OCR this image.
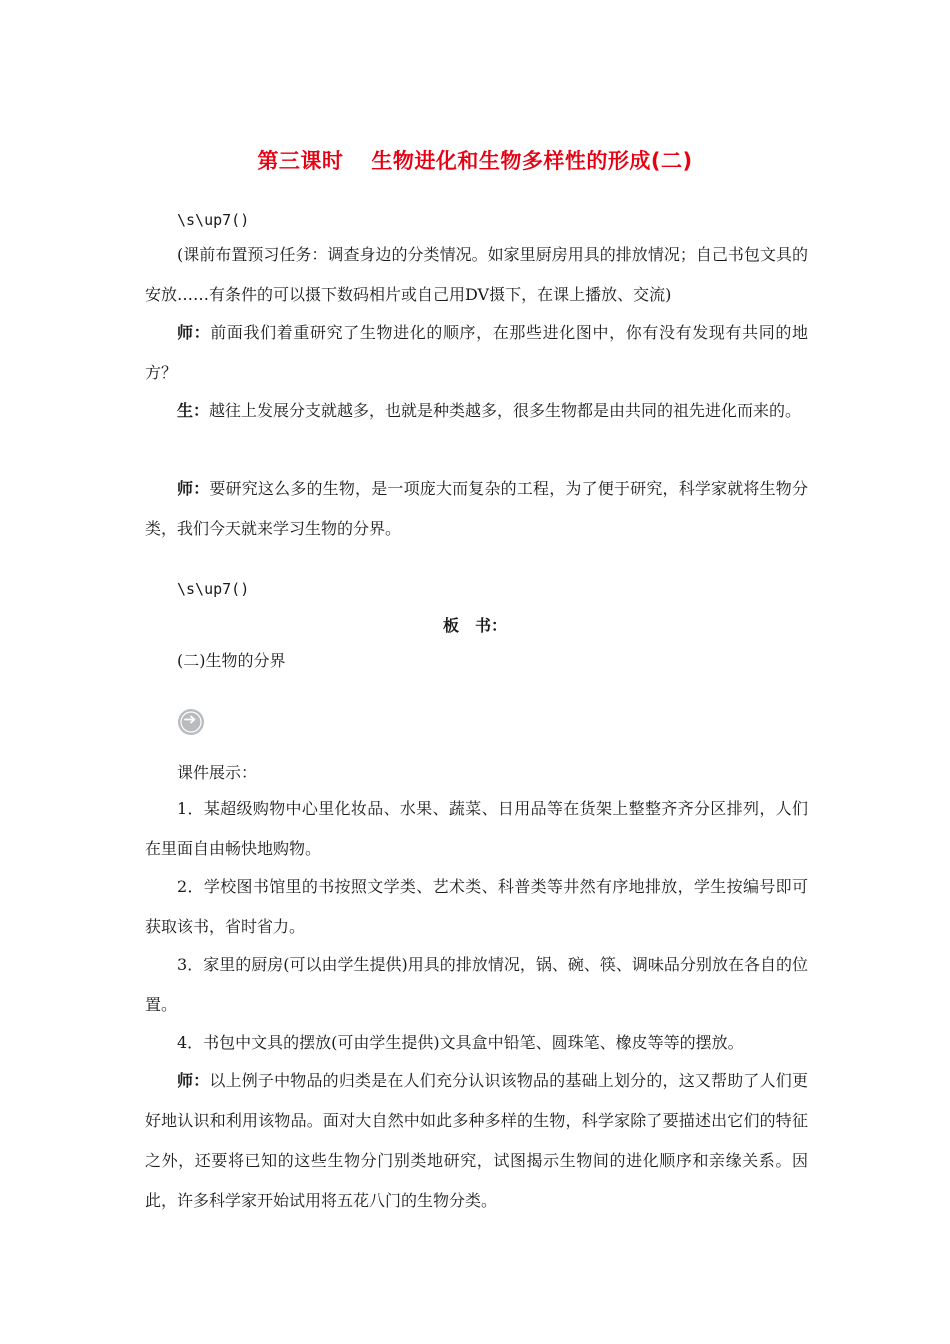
第三课时 生物进化和生物多样性的形成(二)

\s\up7()

(课前布置预习任务：调查身边的分类情况。如家里厨房用具的排放情况；自己书包文具的安放……有条件的可以摄下数码相片或自己用DV摄下，在课上播放、交流)

师：前面我们着重研究了生物进化的顺序，在那些进化图中，你有没有发现有共同的地方？

生：越往上发展分支就越多，也就是种类越多，很多生物都是由共同的祖先进化而来的。

师：要研究这么多的生物，是一项庞大而复杂的工程，为了便于研究，科学家就将生物分类，我们今天就来学习生物的分界。

\s\up7()

板　书：

(二)生物的分界

课件展示：

1．某超级购物中心里化妆品、水果、蔬菜、日用品等在货架上整整齐齐分区排列，人们在里面自由畅快地购物。

2．学校图书馆里的书按照文学类、艺术类、科普类等井然有序地排放，学生按编号即可获取该书，省时省力。

3．家里的厨房(可以由学生提供)用具的排放情况，锅、碗、筷、调味品分别放在各自的位置。

4．书包中文具的摆放(可由学生提供)文具盒中铅笔、圆珠笔、橡皮等等的摆放。

师：以上例子中物品的归类是在人们充分认识该物品的基础上划分的，这又帮助了人们更好地认识和利用该物品。面对大自然中如此多种多样的生物，科学家除了要描述出它们的特征之外，还要将已知的这些生物分门别类地研究，试图揭示生物间的进化顺序和亲缘关系。因此，许多科学家开始试用将五花八门的生物分类。
